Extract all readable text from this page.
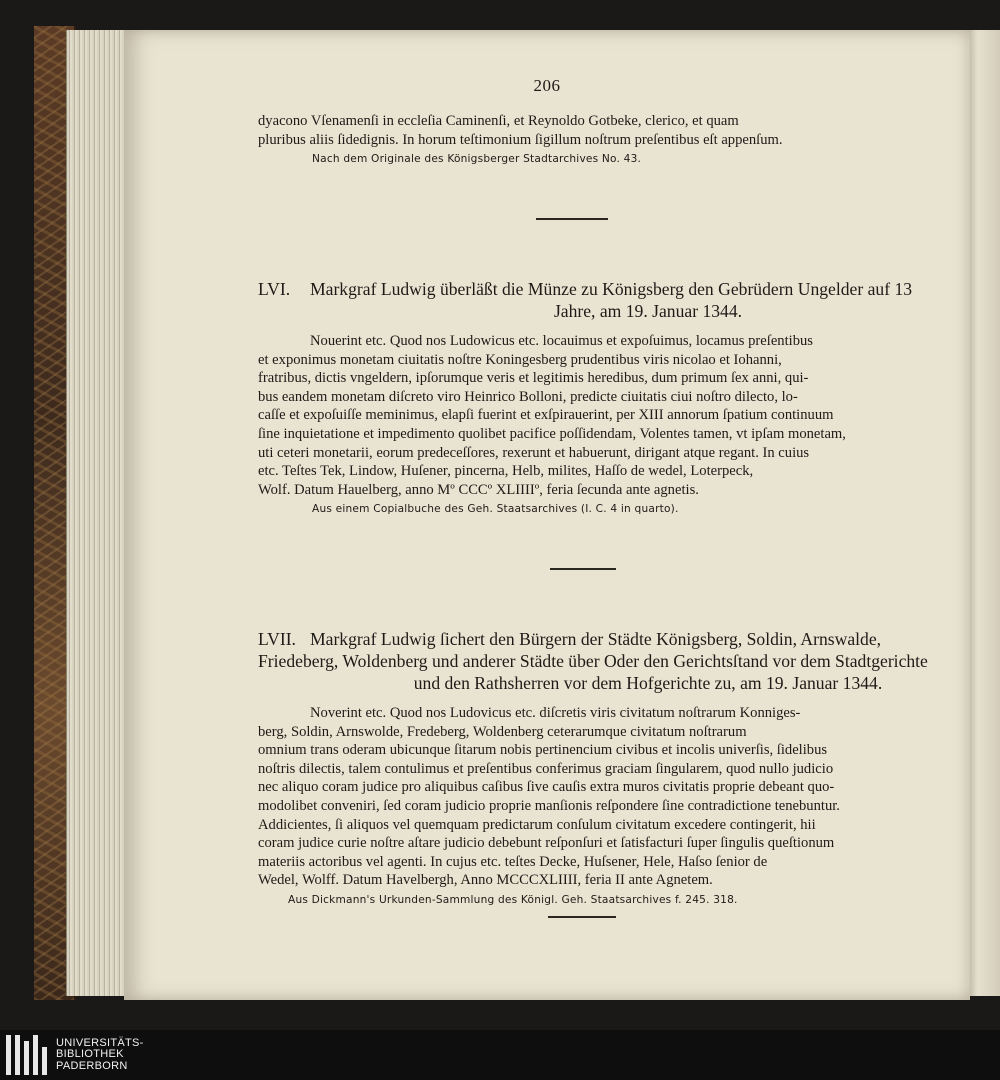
206

dyacono Vſenamenſi in eccleſia Caminenſi, et Reynoldo Gotbeke, clerico, et quam

pluribus aliis ſidedignis. In horum teſtimonium ſigillum noſtrum preſentibus eſt appenſum.

Nach dem Originale des Königsberger Stadtarchives No. 43.
LVI. Markgraf Ludwig überläßt die Münze zu Königsberg den Gebrüdern Ungelder auf 13
Jahre, am 19. Januar 1344.

Nouerint etc. Quod nos Ludowicus etc. locauimus et expoſuimus, locamus preſentibus

et exponimus monetam ciuitatis noſtre Koningesberg prudentibus viris nicolao et Iohanni,

fratribus, dictis vngeldern, ipſorumque veris et legitimis heredibus, dum primum ſex anni, qui-

bus eandem monetam diſcreto viro Heinrico Bolloni, predicte ciuitatis ciui noſtro dilecto, lo-

caſſe et expoſuiſſe meminimus, elapſi fuerint et exſpirauerint, per XIII annorum ſpatium continuum

ſine inquietatione et impedimento quolibet pacifice poſſidendam, Volentes tamen, vt ipſam monetam,

uti ceteri monetarii, eorum predeceſſores, rexerunt et habuerunt, dirigant atque regant. In cuius

etc. Teſtes Tek, Lindow, Huſener, pincerna, Helb, milites, Haſſo de wedel, Loterpeck,

Wolf. Datum Hauelberg, anno Mº CCCº XLIIIIº, feria ſecunda ante agnetis.

Aus einem Copialbuche des Geh. Staatsarchives (I. C. 4 in quarto).
LVII. Markgraf Ludwig ſichert den Bürgern der Städte Königsberg, Soldin, Arnswalde,
Friedeberg, Woldenberg und anderer Städte über Oder den Gerichtsſtand vor dem Stadtgerichte
und den Rathsherren vor dem Hofgerichte zu, am 19. Januar 1344.

Noverint etc. Quod nos Ludovicus etc. diſcretis viris civitatum noſtrarum Konniges-

berg, Soldin, Arnswolde, Fredeberg, Woldenberg ceterarumque civitatum noſtrarum

omnium trans oderam ubicunque ſitarum nobis pertinencium civibus et incolis univerſis, ſidelibus

noſtris dilectis, talem contulimus et preſentibus conferimus graciam ſingularem, quod nullo judicio

nec aliquo coram judice pro aliquibus caſibus ſive cauſis extra muros civitatis proprie debeant quo-

modolibet conveniri, ſed coram judicio proprie manſionis reſpondere ſine contradictione tenebuntur.

Addicientes, ſi aliquos vel quemquam predictarum conſulum civitatum excedere contingerit, hii

coram judice curie noſtre aſtare judicio debebunt reſponſuri et ſatisfacturi ſuper ſingulis queſtionum

materiis actoribus vel agenti. In cujus etc. teſtes Decke, Huſsener, Hele, Haſso ſenior de

Wedel, Wolff. Datum Havelbergh, Anno MCCCXLIIII, feria II ante Agnetem.

Aus Dickmann's Urkunden-Sammlung des Königl. Geh. Staatsarchives f. 245. 318.
UNIVERSITÄTS-
BIBLIOTHEK
PADERBORN
